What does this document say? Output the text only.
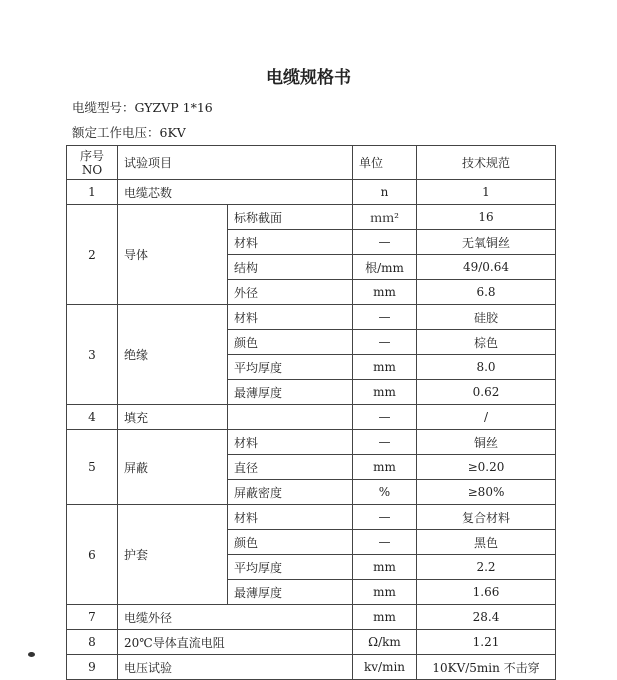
电缆规格书
电缆型号：GYZVP 1*16
额定工作电压：6KV
序号
NO	试验项目		单位	技术规范
1	电缆芯数		n	1
2	导体	标称截面	ｍｍ²	16
		材料	—	无氧铜丝
		结构	根/mm	49/0.64
		外径	mm	6.8
3	绝缘	材料	—	硅胶
		颜色	—	棕色
		平均厚度	mm	8.0
		最薄厚度	mm	0.62
4	填充		—	/
5	屏蔽	材料	—	铜丝
		直径	mm	≥0.20
		屏蔽密度	%	≥80%
6	护套	材料	—	复合材料
		颜色	—	黑色
		平均厚度	mm	2.2
		最薄厚度	mm	1.66
7	电缆外径		mm	28.4
8	20℃导体直流电阻		Ω/km	1.21
9	电压试验		kv/min	10KV/5min 不击穿
